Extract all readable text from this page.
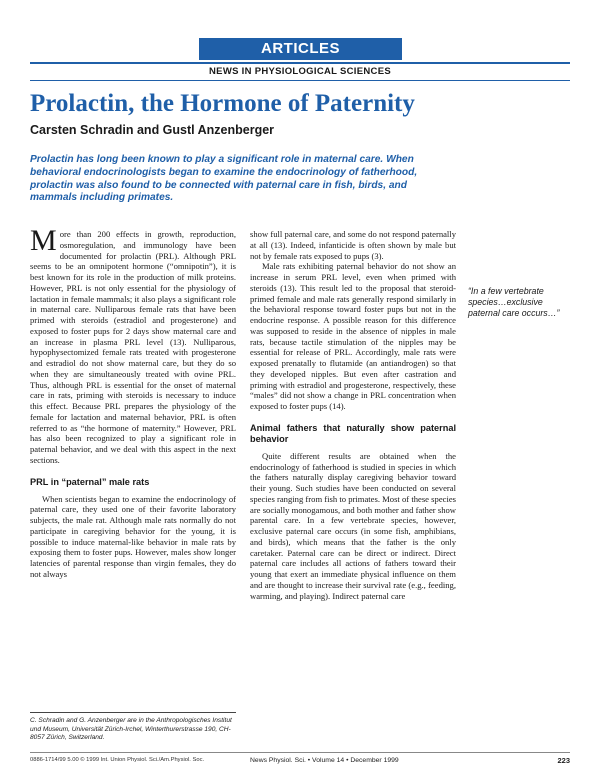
ARTICLES
NEWS IN PHYSIOLOGICAL SCIENCES
Prolactin, the Hormone of Paternity
Carsten Schradin and Gustl Anzenberger
Prolactin has long been known to play a significant role in maternal care. When behavioral endocrinologists began to examine the endocrinology of fatherhood, prolactin was also found to be connected with paternal care in fish, birds, and mammals including primates.

More than 200 effects in growth, reproduction, osmoregulation, and immunology have been documented for prolactin (PRL). Although PRL seems to be an omnipotent hormone (“omnipotin”), it is best known for its role in the production of milk proteins. However, PRL is not only essential for the physiology of lactation in female mammals; it also plays a significant role in maternal care. Nulliparous female rats that have been primed with steroids (estradiol and progesterone) and exposed to foster pups for 2 days show maternal care and an increase in plasma PRL level (13). Nulliparous, hypophysectomized female rats treated with progesterone and estradiol do not show maternal care, but they do so when they are simultaneously treated with ovine PRL. Thus, although PRL is essential for the onset of maternal care in rats, priming with steroids is necessary to induce this effect. Because PRL prepares the physiology of the female for lactation and maternal behavior, PRL is often referred to as “the hormone of maternity.” However, PRL has also been recognized to play a significant role in paternal behavior, and we deal with this aspect in the next sections.

PRL in “paternal” male rats

When scientists began to examine the endocrinology of paternal care, they used one of their favorite laboratory subjects, the male rat. Although male rats normally do not participate in caregiving behavior for the young, it is possible to induce maternal-like behavior in male rats by exposing them to foster pups. However, males show longer latencies of parental response than virgin females, they do not always

show full paternal care, and some do not respond paternally at all (13). Indeed, infanticide is often shown by male but not by female rats exposed to pups (3).

Male rats exhibiting paternal behavior do not show an increase in serum PRL level, even when primed with steroids (13). This result led to the proposal that steroid-primed female and male rats generally respond similarly in the behavioral response toward foster pups but not in the endocrine response. A possible reason for this difference was supposed to reside in the absence of nipples in male rats, because tactile stimulation of the nipples may be essential for release of PRL. Accordingly, male rats were exposed prenatally to flutamide (an antiandrogen) so that they developed nipples. But even after castration and priming with estradiol and progesterone, respectively, these “males” did not show a change in PRL concentration when exposed to foster pups (14).

Animal fathers that naturally show paternal behavior

Quite different results are obtained when the endocrinology of fatherhood is studied in species in which the fathers naturally display caregiving behavior toward their young. Such studies have been conducted on several species ranging from fish to primates. Most of these species are socially monogamous, and both mother and father show parental care. In a few vertebrate species, however, exclusive paternal care occurs (in some fish, amphibians, and birds), which means that the father is the only caretaker. Paternal care can be direct or indirect. Direct paternal care includes all actions of fathers toward their young that exert an immediate physical influence on them and are thought to increase their survival rate (e.g., feeding, warming, and playing). Indirect paternal care

“In a few vertebrate species…exclusive paternal care occurs…”
C. Schradin and G. Anzenberger are in the Anthropologisches Institut und Museum, Universität Zürich-Irchel, Winterthurerstrasse 190, CH-8057 Zürich, Switzerland.
0886-1714/99 5.00 © 1999 Int. Union Physiol. Sci./Am.Physiol. Soc.	News Physiol. Sci. • Volume 14 • December 1999	223
